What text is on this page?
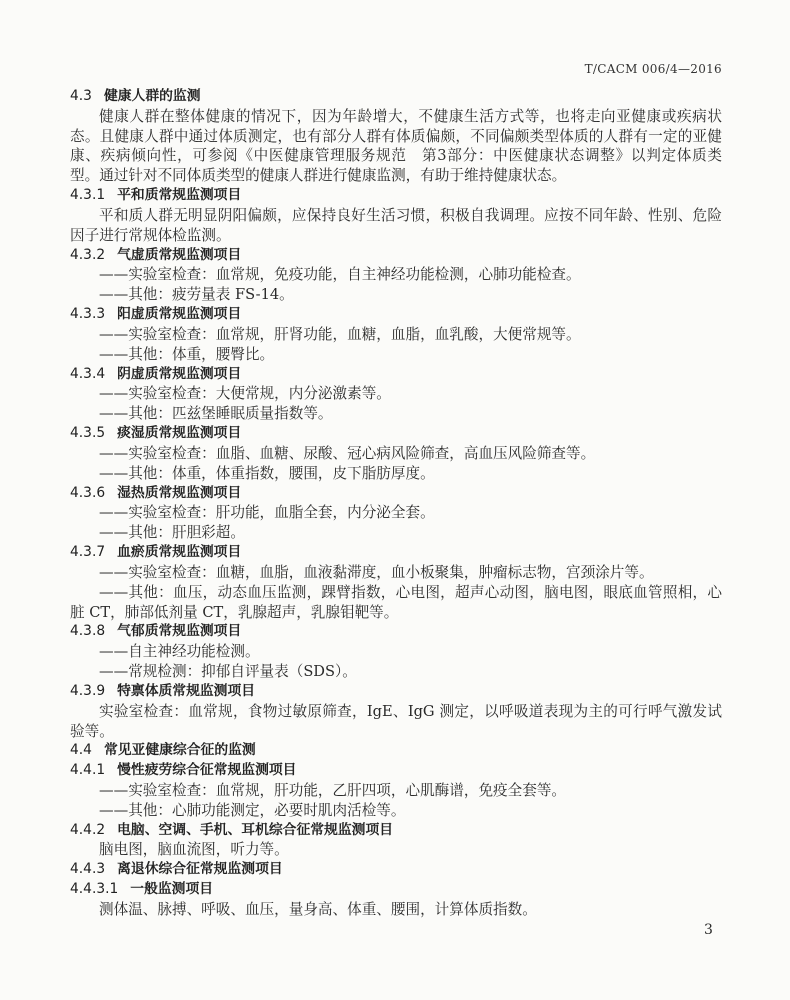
T/CACM 006/4—2016
4.3 健康人群的监测
健康人群在整体健康的情况下，因为年龄增大，不健康生活方式等，也将走向亚健康或疾病状
态。且健康人群中通过体质测定，也有部分人群有体质偏颇，不同偏颇类型体质的人群有一定的亚健
康、疾病倾向性，可参阅《中医健康管理服务规范　第3部分：中医健康状态调整》以判定体质类
型。通过针对不同体质类型的健康人群进行健康监测，有助于维持健康状态。
4.3.1 平和质常规监测项目
平和质人群无明显阴阳偏颇，应保持良好生活习惯，积极自我调理。应按不同年龄、性别、危险
因子进行常规体检监测。
4.3.2 气虚质常规监测项目
——实验室检查：血常规，免疫功能，自主神经功能检测，心肺功能检查。
——其他：疲劳量表 FS-14。
4.3.3 阳虚质常规监测项目
——实验室检查：血常规，肝肾功能，血糖，血脂，血乳酸，大便常规等。
——其他：体重，腰臀比。
4.3.4 阴虚质常规监测项目
——实验室检查：大便常规，内分泌激素等。
——其他：匹兹堡睡眠质量指数等。
4.3.5 痰湿质常规监测项目
——实验室检查：血脂、血糖、尿酸、冠心病风险筛查，高血压风险筛查等。
——其他：体重，体重指数，腰围，皮下脂肪厚度。
4.3.6 湿热质常规监测项目
——实验室检查：肝功能，血脂全套，内分泌全套。
——其他：肝胆彩超。
4.3.7 血瘀质常规监测项目
——实验室检查：血糖，血脂，血液黏滞度，血小板聚集，肿瘤标志物，宫颈涂片等。
——其他：血压，动态血压监测，踝臂指数，心电图，超声心动图，脑电图，眼底血管照相，心
脏 CT，肺部低剂量 CT，乳腺超声，乳腺钼靶等。
4.3.8 气郁质常规监测项目
——自主神经功能检测。
——常规检测：抑郁自评量表（SDS）。
4.3.9 特禀体质常规监测项目
实验室检查：血常规，食物过敏原筛查，IgE、IgG 测定，以呼吸道表现为主的可行呼气激发试
验等。
4.4 常见亚健康综合征的监测
4.4.1 慢性疲劳综合征常规监测项目
——实验室检查：血常规，肝功能，乙肝四项，心肌酶谱，免疫全套等。
——其他：心肺功能测定，必要时肌肉活检等。
4.4.2 电脑、空调、手机、耳机综合征常规监测项目
脑电图，脑血流图，听力等。
4.4.3 离退休综合征常规监测项目
4.4.3.1 一般监测项目
测体温、脉搏、呼吸、血压，量身高、体重、腰围，计算体质指数。
3
